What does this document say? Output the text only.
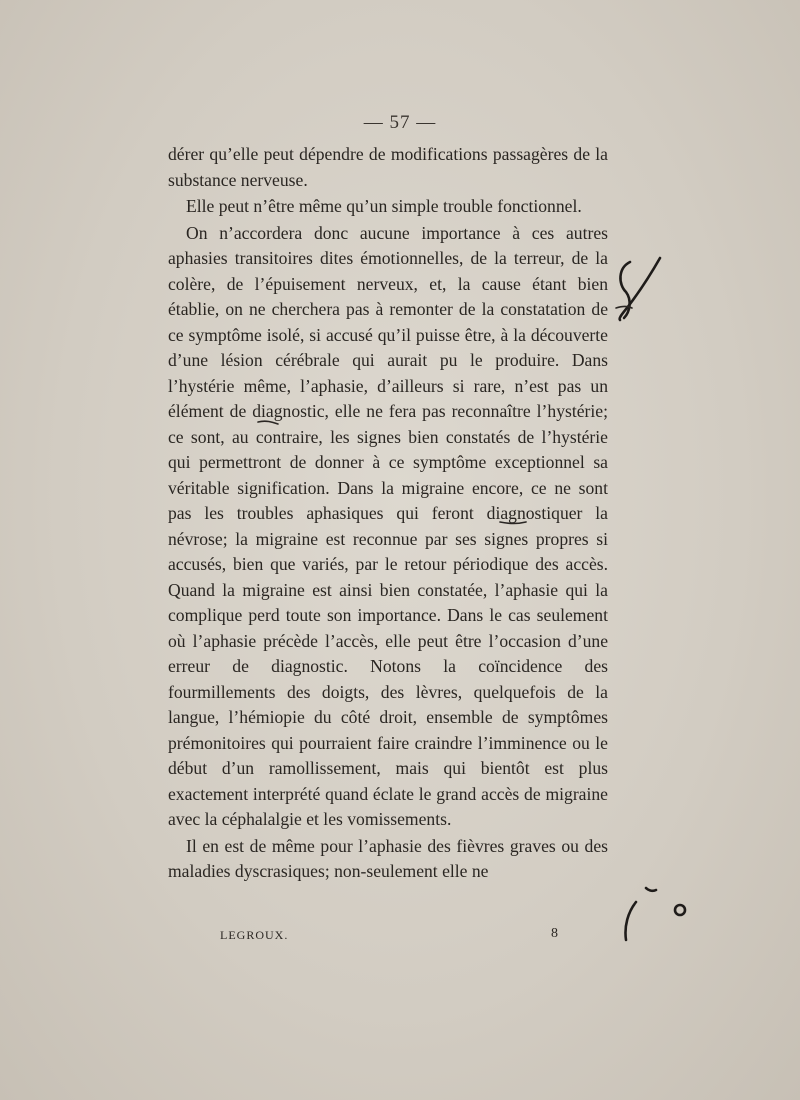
— 57 —

dérer qu’elle peut dépendre de modifications passagères de la substance nerveuse.

Elle peut n’être même qu’un simple trouble fonctionnel.

On n’accordera donc aucune importance à ces autres aphasies transitoires dites émotionnelles, de la terreur, de la colère, de l’épuisement nerveux, et, la cause étant bien établie, on ne cherchera pas à remonter de la constatation de ce symptôme isolé, si accusé qu’il puisse être, à la découverte d’une lésion cérébrale qui aurait pu le produire. Dans l’hystérie même, l’aphasie, d’ailleurs si rare, n’est pas un élément de diagnostic, elle ne fera pas reconnaître l’hystérie; ce sont, au contraire, les signes bien constatés de l’hystérie qui permettront de donner à ce symptôme exceptionnel sa véritable signification. Dans la migraine encore, ce ne sont pas les troubles aphasiques qui feront diagnostiquer la névrose; la migraine est reconnue par ses signes propres si accusés, bien que variés, par le retour périodique des accès. Quand la migraine est ainsi bien constatée, l’aphasie qui la complique perd toute son importance. Dans le cas seulement où l’aphasie précède l’accès, elle peut être l’occasion d’une erreur de diagnostic. Notons la coïncidence des fourmillements des doigts, des lèvres, quelquefois de la langue, l’hémiopie du côté droit, ensemble de symptômes prémonitoires qui pourraient faire craindre l’imminence ou le début d’un ramollissement, mais qui bientôt est plus exactement interprété quand éclate le grand accès de migraine avec la céphalalgie et les vomissements.

Il en est de même pour l’aphasie des fièvres graves ou des maladies dyscrasiques; non-seulement elle ne

LEGROUX.	8
